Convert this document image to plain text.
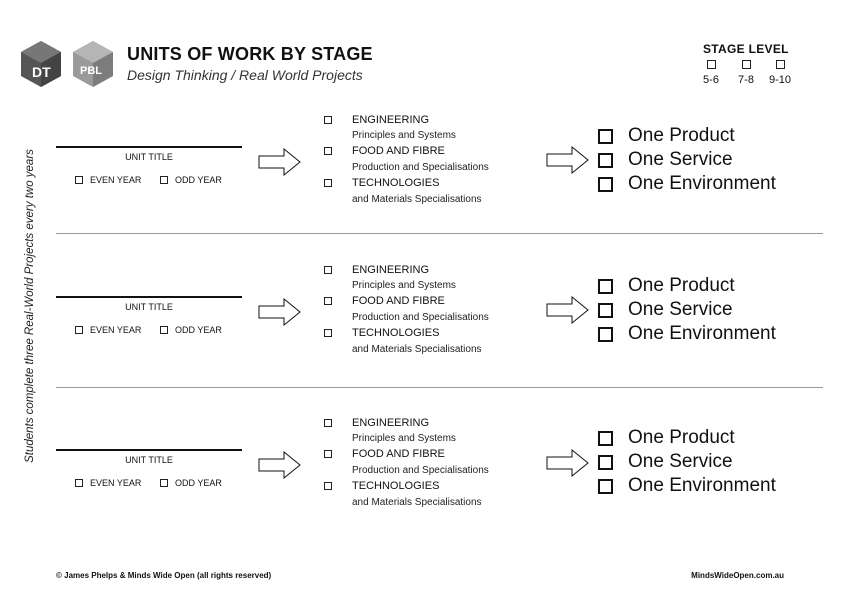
DT	PBL
UNITS OF WORK BY STAGE
Design Thinking / Real World Projects
STAGE LEVEL
5-6	7-8	9-10
Students complete three Real-World Projects every two years	UNIT TITLE
EVEN YEAR	ODD YEAR
ENGINEERING
Principles and Systems
FOOD AND FIBRE
Production and Specialisations
TECHNOLOGIES
and Materials Specialisations
One Product
One Service
One Environment
UNIT TITLE
EVEN YEAR	ODD YEAR
ENGINEERING
Principles and Systems
FOOD AND FIBRE
Production and Specialisations
TECHNOLOGIES
and Materials Specialisations
One Product
One Service
One Environment
UNIT TITLE
EVEN YEAR	ODD YEAR
ENGINEERING
Principles and Systems
FOOD AND FIBRE
Production and Specialisations
TECHNOLOGIES
and Materials Specialisations
One Product
One Service
One Environment
© James Phelps & Minds Wide Open (all rights reserved)	MindsWideOpen.com.au
